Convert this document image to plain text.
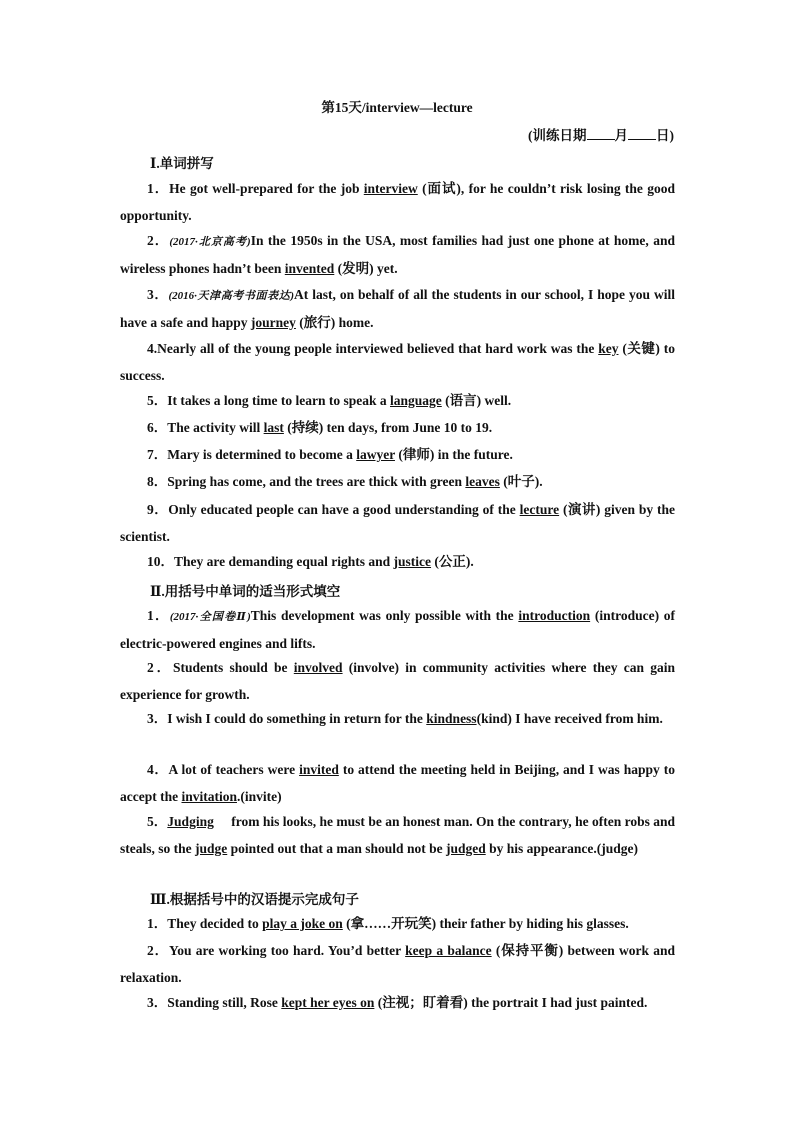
第15天/interview—lecture
(训练日期 月 日)
Ⅰ.单词拼写
1．He got well-prepared for the job interview (面试), for he couldn’t risk losing the good opportunity.
2．(2017·北京高考)In the 1950s in the USA, most families had just one phone at home, and wireless phones hadn’t been invented (发明) yet.
3．(2016·天津高考书面表达)At last, on behalf of all the students in our school, I hope you will have a safe and happy journey (旅行) home.
4.Nearly all of the young people interviewed believed that hard work was the key (关键) to success.
5．It takes a long time to learn to speak a language (语言) well.
6．The activity will last (持续) ten days, from June 10 to 19.
7．Mary is determined to become a lawyer (律师) in the future.
8．Spring has come, and the trees are thick with green leaves (叶子).
9．Only educated people can have a good understanding of the lecture (演讲) given by the scientist.
10．They are demanding equal rights and justice (公正).
Ⅱ.用括号中单词的适当形式填空
1．(2017·全国卷Ⅱ)This development was only possible with the introduction (introduce) of electric-powered engines and lifts.
2．Students should be involved (involve) in community activities where they can gain experience for growth.
3．I wish I could do something in return for the kindness(kind) I have received from him.
4．A lot of teachers were invited to attend the meeting held in Beijing, and I was happy to accept the invitation.(invite)
5．Judging from his looks, he must be an honest man. On the contrary, he often robs and steals, so the judge pointed out that a man should not be judged by his appearance.(judge)
Ⅲ.根据括号中的汉语提示完成句子
1．They decided to play a joke on (拿……开玩笑) their father by hiding his glasses.
2．You are working too hard. You’d better keep a balance (保持平衡) between work and relaxation.
3．Standing still, Rose kept her eyes on (注视；盯着看) the portrait I had just painted.
